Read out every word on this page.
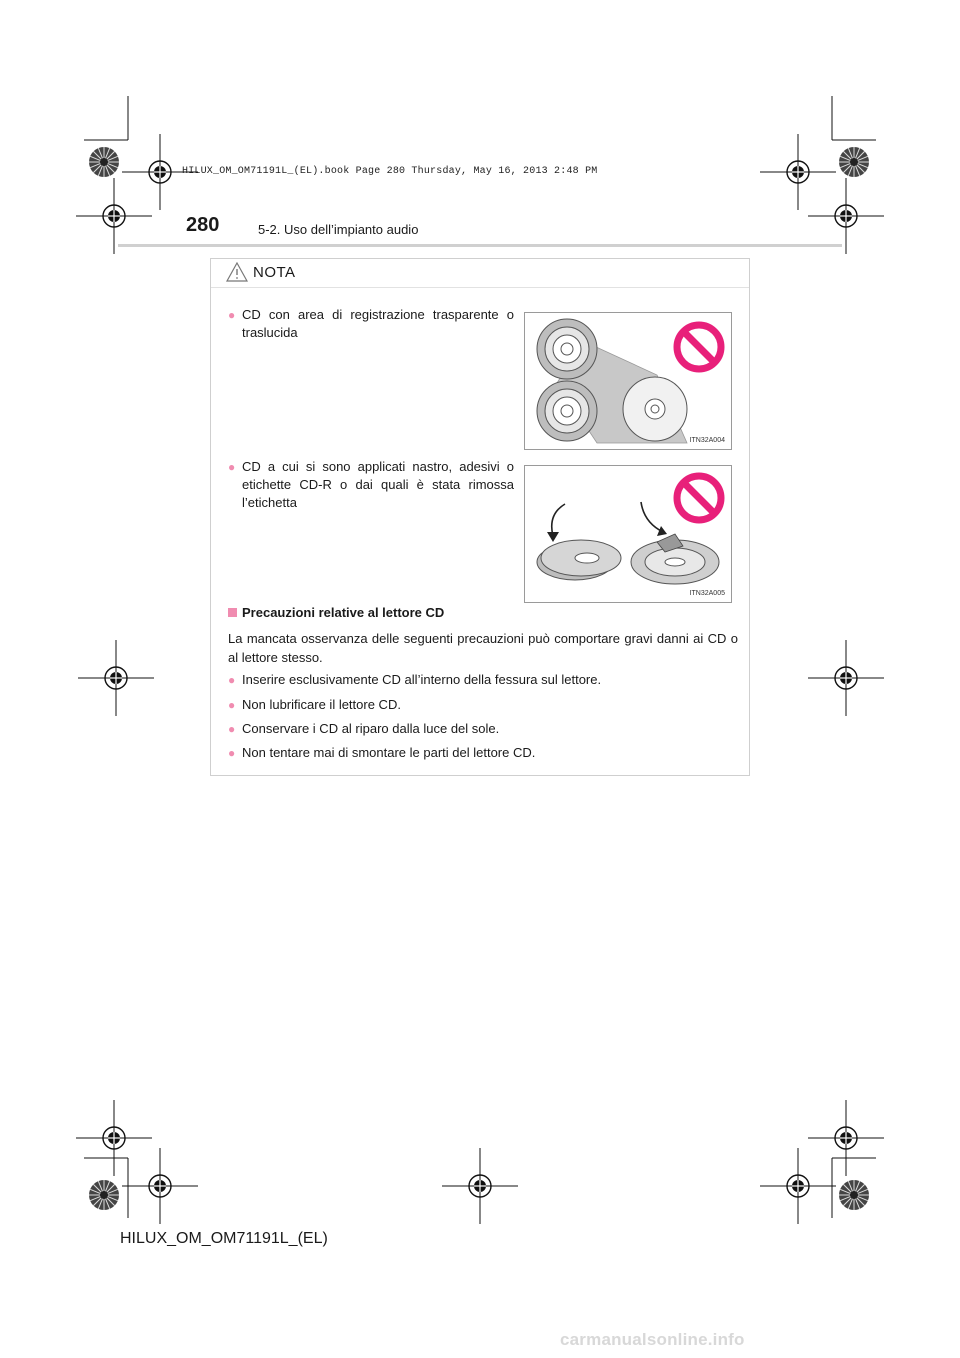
HILUX_OM_OM71191L_(EL).book Page 280 Thursday, May 16, 2013 2:48 PM
280	5-2. Uso dell’impianto audio
NOTA
● CD con area di registrazione trasparente o traslucida
ITN32A004
● CD a cui si sono applicati nastro, adesivi o etichette CD-R o dai quali è stata rimossa l’etichetta
ITN32A005
Precauzioni relative al lettore CD
La mancata osservanza delle seguenti precauzioni può comportare gravi danni ai CD o al lettore stesso.
● Inserire esclusivamente CD all’interno della fessura sul lettore.
● Non lubrificare il lettore CD.
● Conservare i CD al riparo dalla luce del sole.
● Non tentare mai di smontare le parti del lettore CD.
HILUX_OM_OM71191L_(EL)
carmanualsonline.info
